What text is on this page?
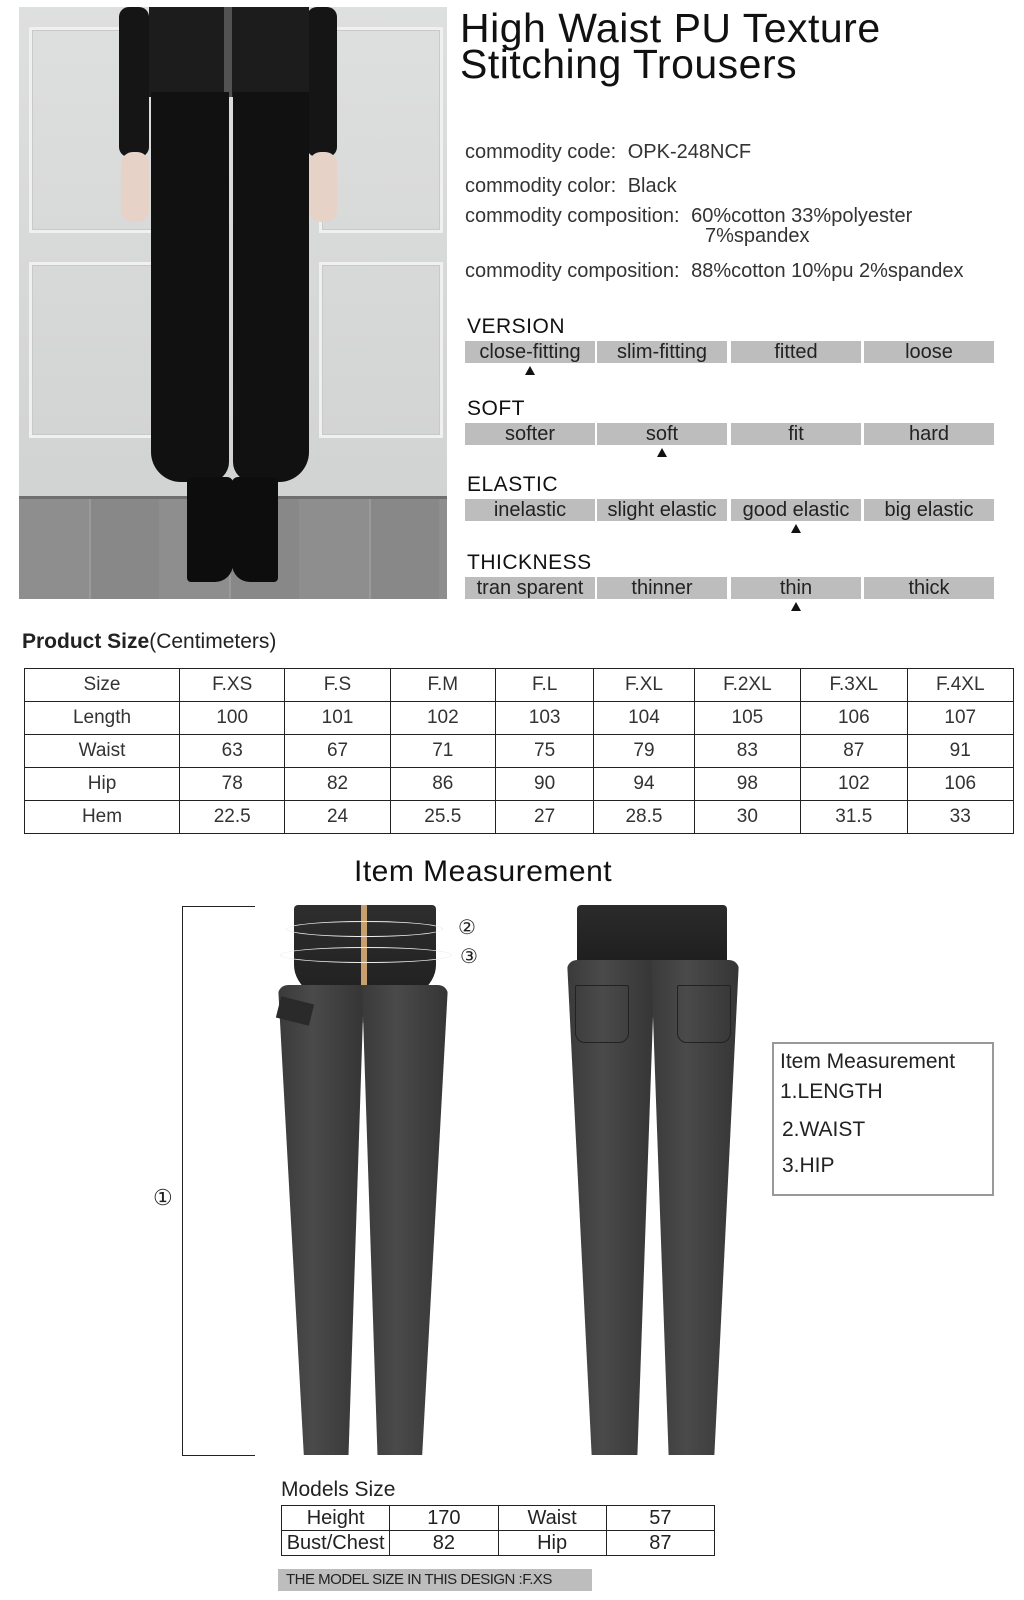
High Waist PU Texture
Stitching Trousers
commodity code: OPK-248NCF
commodity color: Black
commodity composition: 60%cotton 33%polyester
7%spandex
commodity composition: 88%cotton 10%pu 2%spandex
VERSION
close-fitting	slim-fitting	fitted	loose
SOFT
softer	soft	fit	hard
ELASTIC
inelastic	slight elastic	good elastic	big elastic
THICKNESS
tran sparent	thinner	thin	thick
Product Size(Centimeters)
Size	F.XS	F.S	F.M	F.L	F.XL	F.2XL	F.3XL	F.4XL
Length	100	101	102	103	104	105	106	107
Waist	63	67	71	75	79	83	87	91
Hip	78	82	86	90	94	98	102	106
Hem	22.5	24	25.5	27	28.5	30	31.5	33
Item Measurement
①
②
③
Item Measurement
1.LENGTH
2.WAIST
3.HIP
Models Size
Height	170	Waist	57
Bust/Chest	82	Hip	87
THE MODEL SIZE IN THIS DESIGN :F.XS
